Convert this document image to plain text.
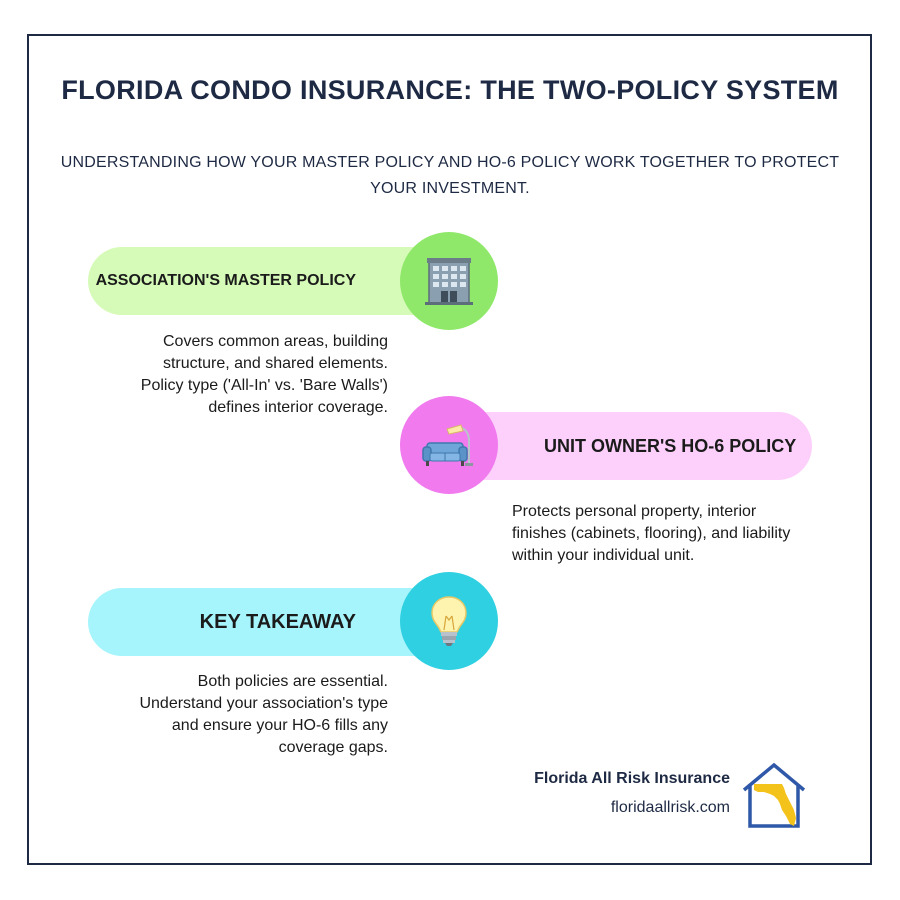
FLORIDA CONDO INSURANCE: THE TWO-POLICY SYSTEM
UNDERSTANDING HOW YOUR MASTER POLICY AND HO-6 POLICY WORK TOGETHER TO PROTECT YOUR INVESTMENT.
ASSOCIATION'S MASTER POLICY
Covers common areas, building structure, and shared elements. Policy type ('All-In' vs. 'Bare Walls') defines interior coverage.
UNIT OWNER'S HO-6 POLICY
Protects personal property, interior finishes (cabinets, flooring), and liability within your individual unit.
KEY TAKEAWAY
Both policies are essential. Understand your association's type and ensure your HO-6 fills any coverage gaps.
Florida All Risk Insurance
floridaallrisk.com
